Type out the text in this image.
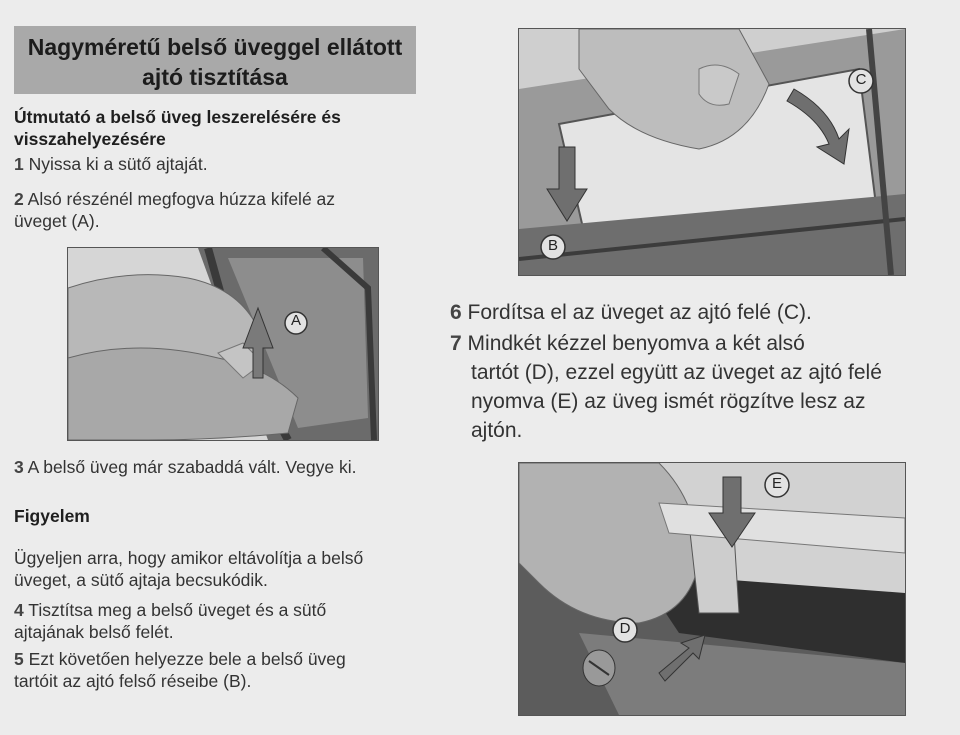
Nagyméretű belső üveggel ellátott
ajtó tisztítása

Útmutató a belső üveg leszerelésére és
visszahelyezésére

1 Nyissa ki a sütő ajtaját.

2 Alsó részénél megfogva húzza kifelé az
üveget (A).

A

3 A belső üveg már szabaddá vált. Vegye ki.

Figyelem

Ügyeljen arra, hogy amikor eltávolítja a belső
üveget, a sütő ajtaja becsukódik.

4 Tisztítsa meg a belső üveget és a sütő
ajtajának belső felét.

5 Ezt követően helyezze bele a belső üveg
tartóit az ajtó felső réseibe (B).

B
C

6 Fordítsa el az üveget az ajtó felé (C).

7 Mindkét kézzel benyomva a két alsó
tartót (D), ezzel együtt az üveget az ajtó felé
nyomva (E) az üveg ismét rögzítve lesz az
ajtón.

E
D
